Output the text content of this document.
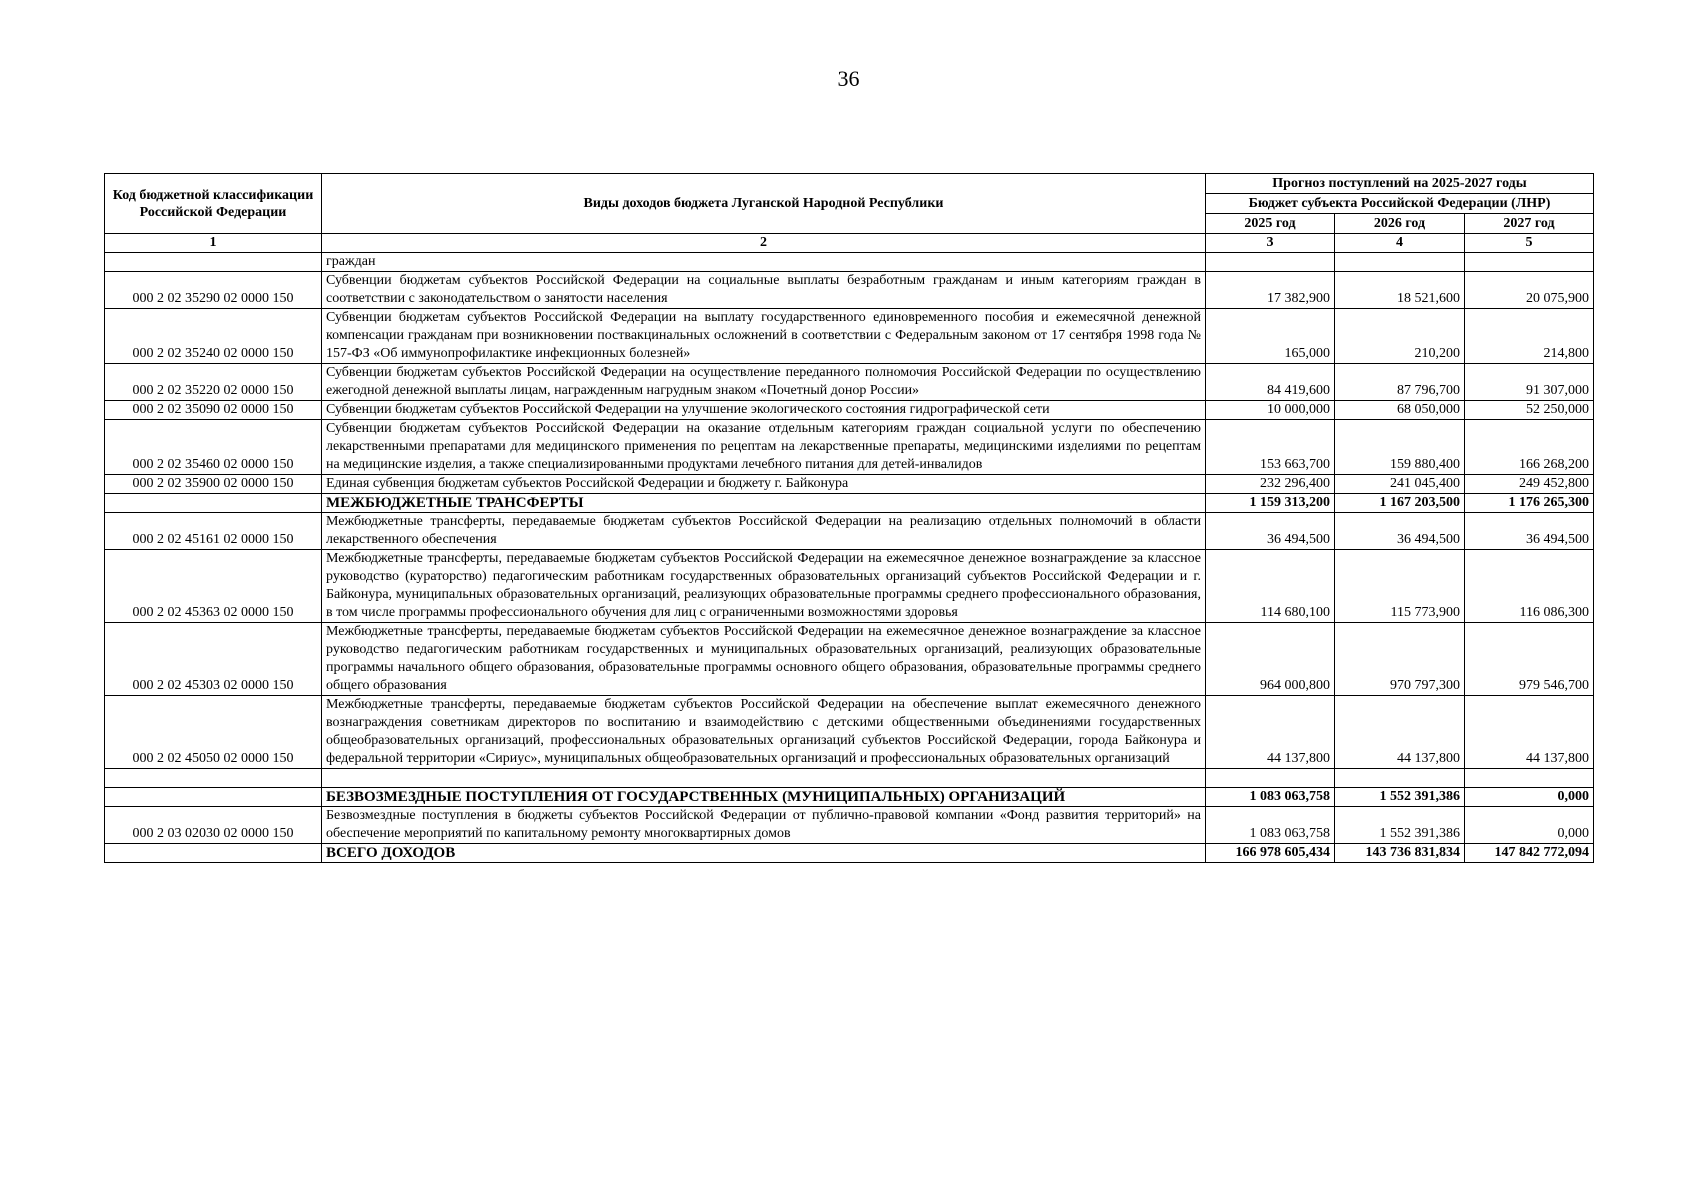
36
Код бюджетной классификации Российской Федерации	Виды доходов бюджета Луганской Народной Республики	Прогноз поступлений на 2025-2027 годы		
		Бюджет субъекта Российской Федерации (ЛНР)		
		2025 год	2026 год	2027 год
1	2	3	4	5
	граждан			
000 2 02 35290 02 0000 150	Субвенции бюджетам субъектов Российской Федерации на социальные выплаты безработным гражданам и иным категориям граждан в соответствии с законодательством о занятости населения	17 382,900	18 521,600	20 075,900
000 2 02 35240 02 0000 150	Субвенции бюджетам субъектов Российской Федерации на выплату государственного единовременного пособия и ежемесячной денежной компенсации гражданам при возникновении поствакцинальных осложнений в соответствии с Федеральным законом от 17 сентября 1998 года № 157-ФЗ «Об иммунопрофилактике инфекционных болезней»	165,000	210,200	214,800
000 2 02 35220 02 0000 150	Субвенции бюджетам субъектов Российской Федерации на осуществление переданного полномочия Российской Федерации по осуществлению ежегодной денежной выплаты лицам, награжденным нагрудным знаком «Почетный донор России»	84 419,600	87 796,700	91 307,000
000 2 02 35090 02 0000 150	Субвенции бюджетам субъектов Российской Федерации на улучшение экологического состояния гидрографической сети	10 000,000	68 050,000	52 250,000
000 2 02 35460 02 0000 150	Субвенции бюджетам субъектов Российской Федерации на оказание отдельным категориям граждан социальной услуги по обеспечению лекарственными препаратами для медицинского применения по рецептам на лекарственные препараты, медицинскими изделиями по рецептам на медицинские изделия, а также специализированными продуктами лечебного питания для детей-инвалидов	153 663,700	159 880,400	166 268,200
000 2 02 35900 02 0000 150	Единая субвенция бюджетам субъектов Российской Федерации и бюджету г. Байконура	232 296,400	241 045,400	249 452,800
	МЕЖБЮДЖЕТНЫЕ ТРАНСФЕРТЫ	1 159 313,200	1 167 203,500	1 176 265,300
000 2 02 45161 02 0000 150	Межбюджетные трансферты, передаваемые бюджетам субъектов Российской Федерации на реализацию отдельных полномочий в области лекарственного обеспечения	36 494,500	36 494,500	36 494,500
000 2 02 45363 02 0000 150	Межбюджетные трансферты, передаваемые бюджетам субъектов Российской Федерации на ежемесячное денежное вознаграждение за классное руководство (кураторство) педагогическим работникам государственных образовательных организаций субъектов Российской Федерации и г. Байконура, муниципальных образовательных организаций, реализующих образовательные программы среднего профессионального образования, в том числе программы профессионального обучения для лиц с ограниченными возможностями здоровья	114 680,100	115 773,900	116 086,300
000 2 02 45303 02 0000 150	Межбюджетные трансферты, передаваемые бюджетам субъектов Российской Федерации на ежемесячное денежное вознаграждение за классное руководство педагогическим работникам государственных и муниципальных образовательных организаций, реализующих образовательные программы начального общего образования, образовательные программы основного общего образования, образовательные программы среднего общего образования	964 000,800	970 797,300	979 546,700
000 2 02 45050 02 0000 150	Межбюджетные трансферты, передаваемые бюджетам субъектов Российской Федерации на обеспечение выплат ежемесячного денежного вознаграждения советникам директоров по воспитанию и взаимодействию с детскими общественными объединениями государственных общеобразовательных организаций, профессиональных образовательных организаций субъектов Российской Федерации, города Байконура и федеральной территории «Сириус», муниципальных общеобразовательных организаций и профессиональных образовательных организаций	44 137,800	44 137,800	44 137,800

	БЕЗВОЗМЕЗДНЫЕ ПОСТУПЛЕНИЯ ОТ ГОСУДАРСТВЕННЫХ (МУНИЦИПАЛЬНЫХ) ОРГАНИЗАЦИЙ	1 083 063,758	1 552 391,386	0,000
000 2 03 02030 02 0000 150	Безвозмездные поступления в бюджеты субъектов Российской Федерации от публично-правовой компании «Фонд развития территорий» на обеспечение мероприятий по капитальному ремонту многоквартирных домов	1 083 063,758	1 552 391,386	0,000
	ВСЕГО ДОХОДОВ	166 978 605,434	143 736 831,834	147 842 772,094
